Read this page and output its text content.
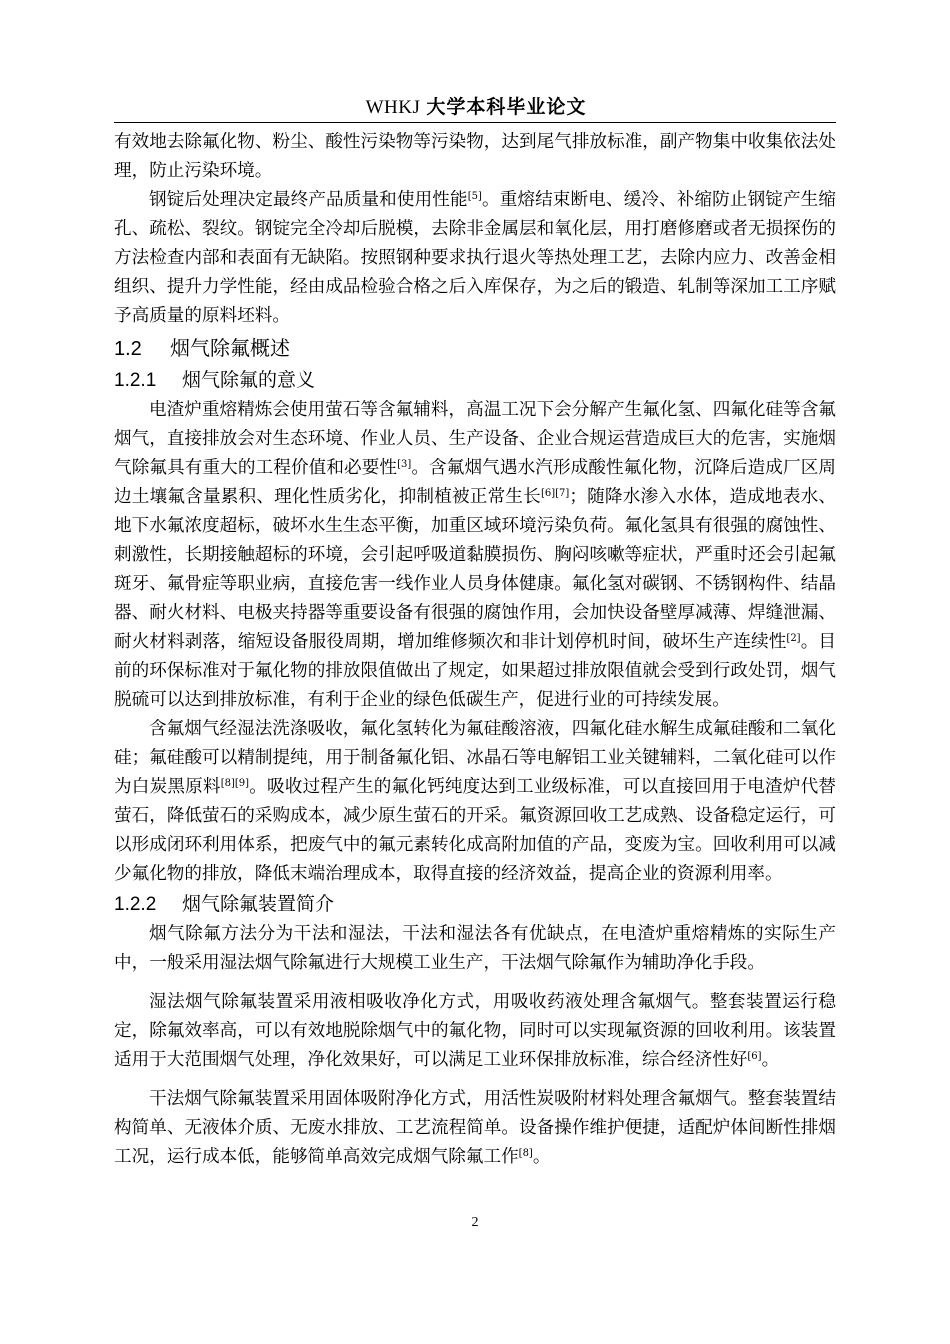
WHKJ 大学本科毕业论文

有效地去除氟化物、粉尘、酸性污染物等污染物，达到尾气排放标准，副产物集中收集依法处理，防止污染环境。

钢锭后处理决定最终产品质量和使用性能[5]。重熔结束断电、缓冷、补缩防止钢锭产生缩孔、疏松、裂纹。钢锭完全冷却后脱模，去除非金属层和氧化层，用打磨修磨或者无损探伤的方法检查内部和表面有无缺陷。按照钢种要求执行退火等热处理工艺，去除内应力、改善金相组织、提升力学性能，经由成品检验合格之后入库保存，为之后的锻造、轧制等深加工工序赋予高质量的原料坯料。

1.2 烟气除氟概述
1.2.1 烟气除氟的意义

电渣炉重熔精炼会使用萤石等含氟辅料，高温工况下会分解产生氟化氢、四氟化硅等含氟烟气，直接排放会对生态环境、作业人员、生产设备、企业合规运营造成巨大的危害，实施烟气除氟具有重大的工程价值和必要性[3]。含氟烟气遇水汽形成酸性氟化物，沉降后造成厂区周边土壤氟含量累积、理化性质劣化，抑制植被正常生长[6][7]；随降水渗入水体，造成地表水、地下水氟浓度超标，破坏水生生态平衡，加重区域环境污染负荷。氟化氢具有很强的腐蚀性、刺激性，长期接触超标的环境，会引起呼吸道黏膜损伤、胸闷咳嗽等症状，严重时还会引起氟斑牙、氟骨症等职业病，直接危害一线作业人员身体健康。氟化氢对碳钢、不锈钢构件、结晶器、耐火材料、电极夹持器等重要设备有很强的腐蚀作用，会加快设备壁厚减薄、焊缝泄漏、耐火材料剥落，缩短设备服役周期，增加维修频次和非计划停机时间，破坏生产连续性[2]。目前的环保标准对于氟化物的排放限值做出了规定，如果超过排放限值就会受到行政处罚，烟气脱硫可以达到排放标准，有利于企业的绿色低碳生产，促进行业的可持续发展。

含氟烟气经湿法洗涤吸收，氟化氢转化为氟硅酸溶液，四氟化硅水解生成氟硅酸和二氧化硅；氟硅酸可以精制提纯，用于制备氟化铝、冰晶石等电解铝工业关键辅料，二氧化硅可以作为白炭黑原料[8][9]。吸收过程产生的氟化钙纯度达到工业级标准，可以直接回用于电渣炉代替萤石，降低萤石的采购成本，减少原生萤石的开采。氟资源回收工艺成熟、设备稳定运行，可以形成闭环利用体系，把废气中的氟元素转化成高附加值的产品，变废为宝。回收利用可以减少氟化物的排放，降低末端治理成本，取得直接的经济效益，提高企业的资源利用率。

1.2.2 烟气除氟装置简介

烟气除氟方法分为干法和湿法，干法和湿法各有优缺点，在电渣炉重熔精炼的实际生产中，一般采用湿法烟气除氟进行大规模工业生产，干法烟气除氟作为辅助净化手段。

湿法烟气除氟装置采用液相吸收净化方式，用吸收药液处理含氟烟气。整套装置运行稳定，除氟效率高，可以有效地脱除烟气中的氟化物，同时可以实现氟资源的回收利用。该装置适用于大范围烟气处理，净化效果好，可以满足工业环保排放标准，综合经济性好[6]。

干法烟气除氟装置采用固体吸附净化方式，用活性炭吸附材料处理含氟烟气。整套装置结构简单、无液体介质、无废水排放、工艺流程简单。设备操作维护便捷，适配炉体间断性排烟工况，运行成本低，能够简单高效完成烟气除氟工作[8]。

2
